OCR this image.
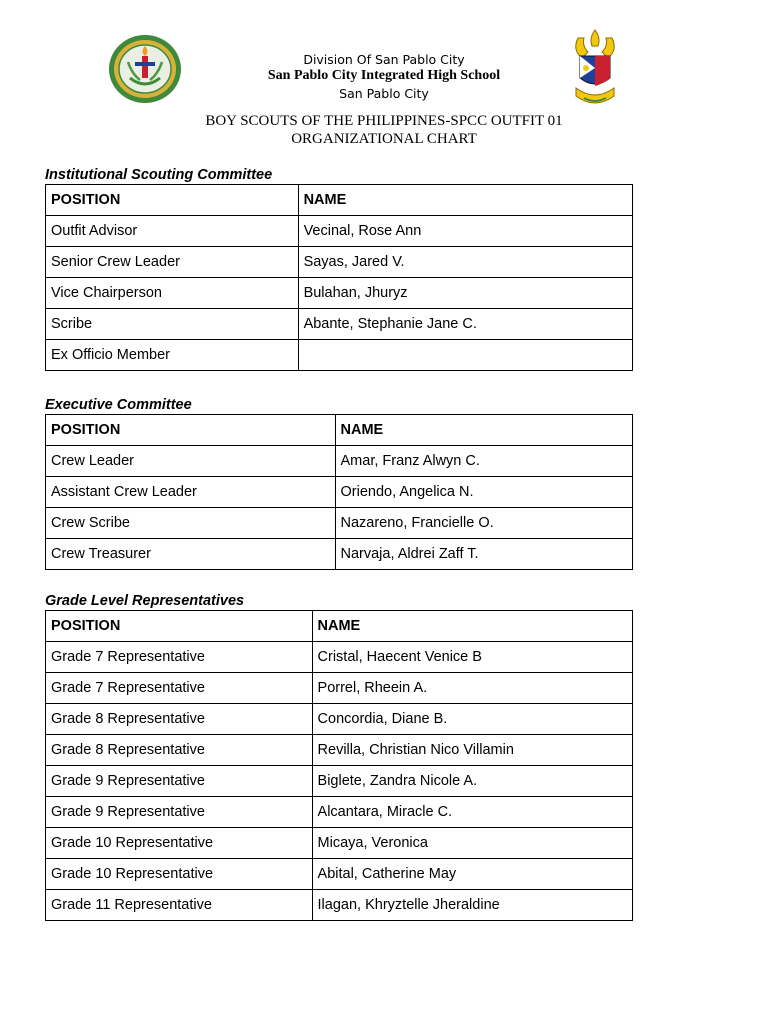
Division Of San Pablo City
San Pablo City Integrated High School
San Pablo City
BOY SCOUTS OF THE PHILIPPINES-SPCC OUTFIT 01
ORGANIZATIONAL CHART
Institutional Scouting Committee
POSITION	NAME
Outfit Advisor	Vecinal, Rose Ann
Senior Crew Leader	Sayas, Jared V.
Vice Chairperson	Bulahan, Jhuryz
Scribe	Abante, Stephanie Jane C.
Ex Officio Member	
Executive Committee
POSITION	NAME
Crew Leader	Amar, Franz Alwyn C.
Assistant Crew Leader	Oriendo, Angelica N.
Crew Scribe	Nazareno, Francielle O.
Crew Treasurer	Narvaja, Aldrei Zaff T.
Grade Level Representatives
POSITION	NAME
Grade 7 Representative	Cristal, Haecent Venice B
Grade 7 Representative	Porrel, Rheein A.
Grade 8 Representative	Concordia, Diane B.
Grade 8 Representative	Revilla, Christian Nico Villamin
Grade 9 Representative	Biglete, Zandra Nicole A.
Grade 9 Representative	Alcantara, Miracle C.
Grade 10 Representative	Micaya, Veronica
Grade 10 Representative	Abital, Catherine May
Grade 11 Representative	Ilagan, Khryztelle Jheraldine
